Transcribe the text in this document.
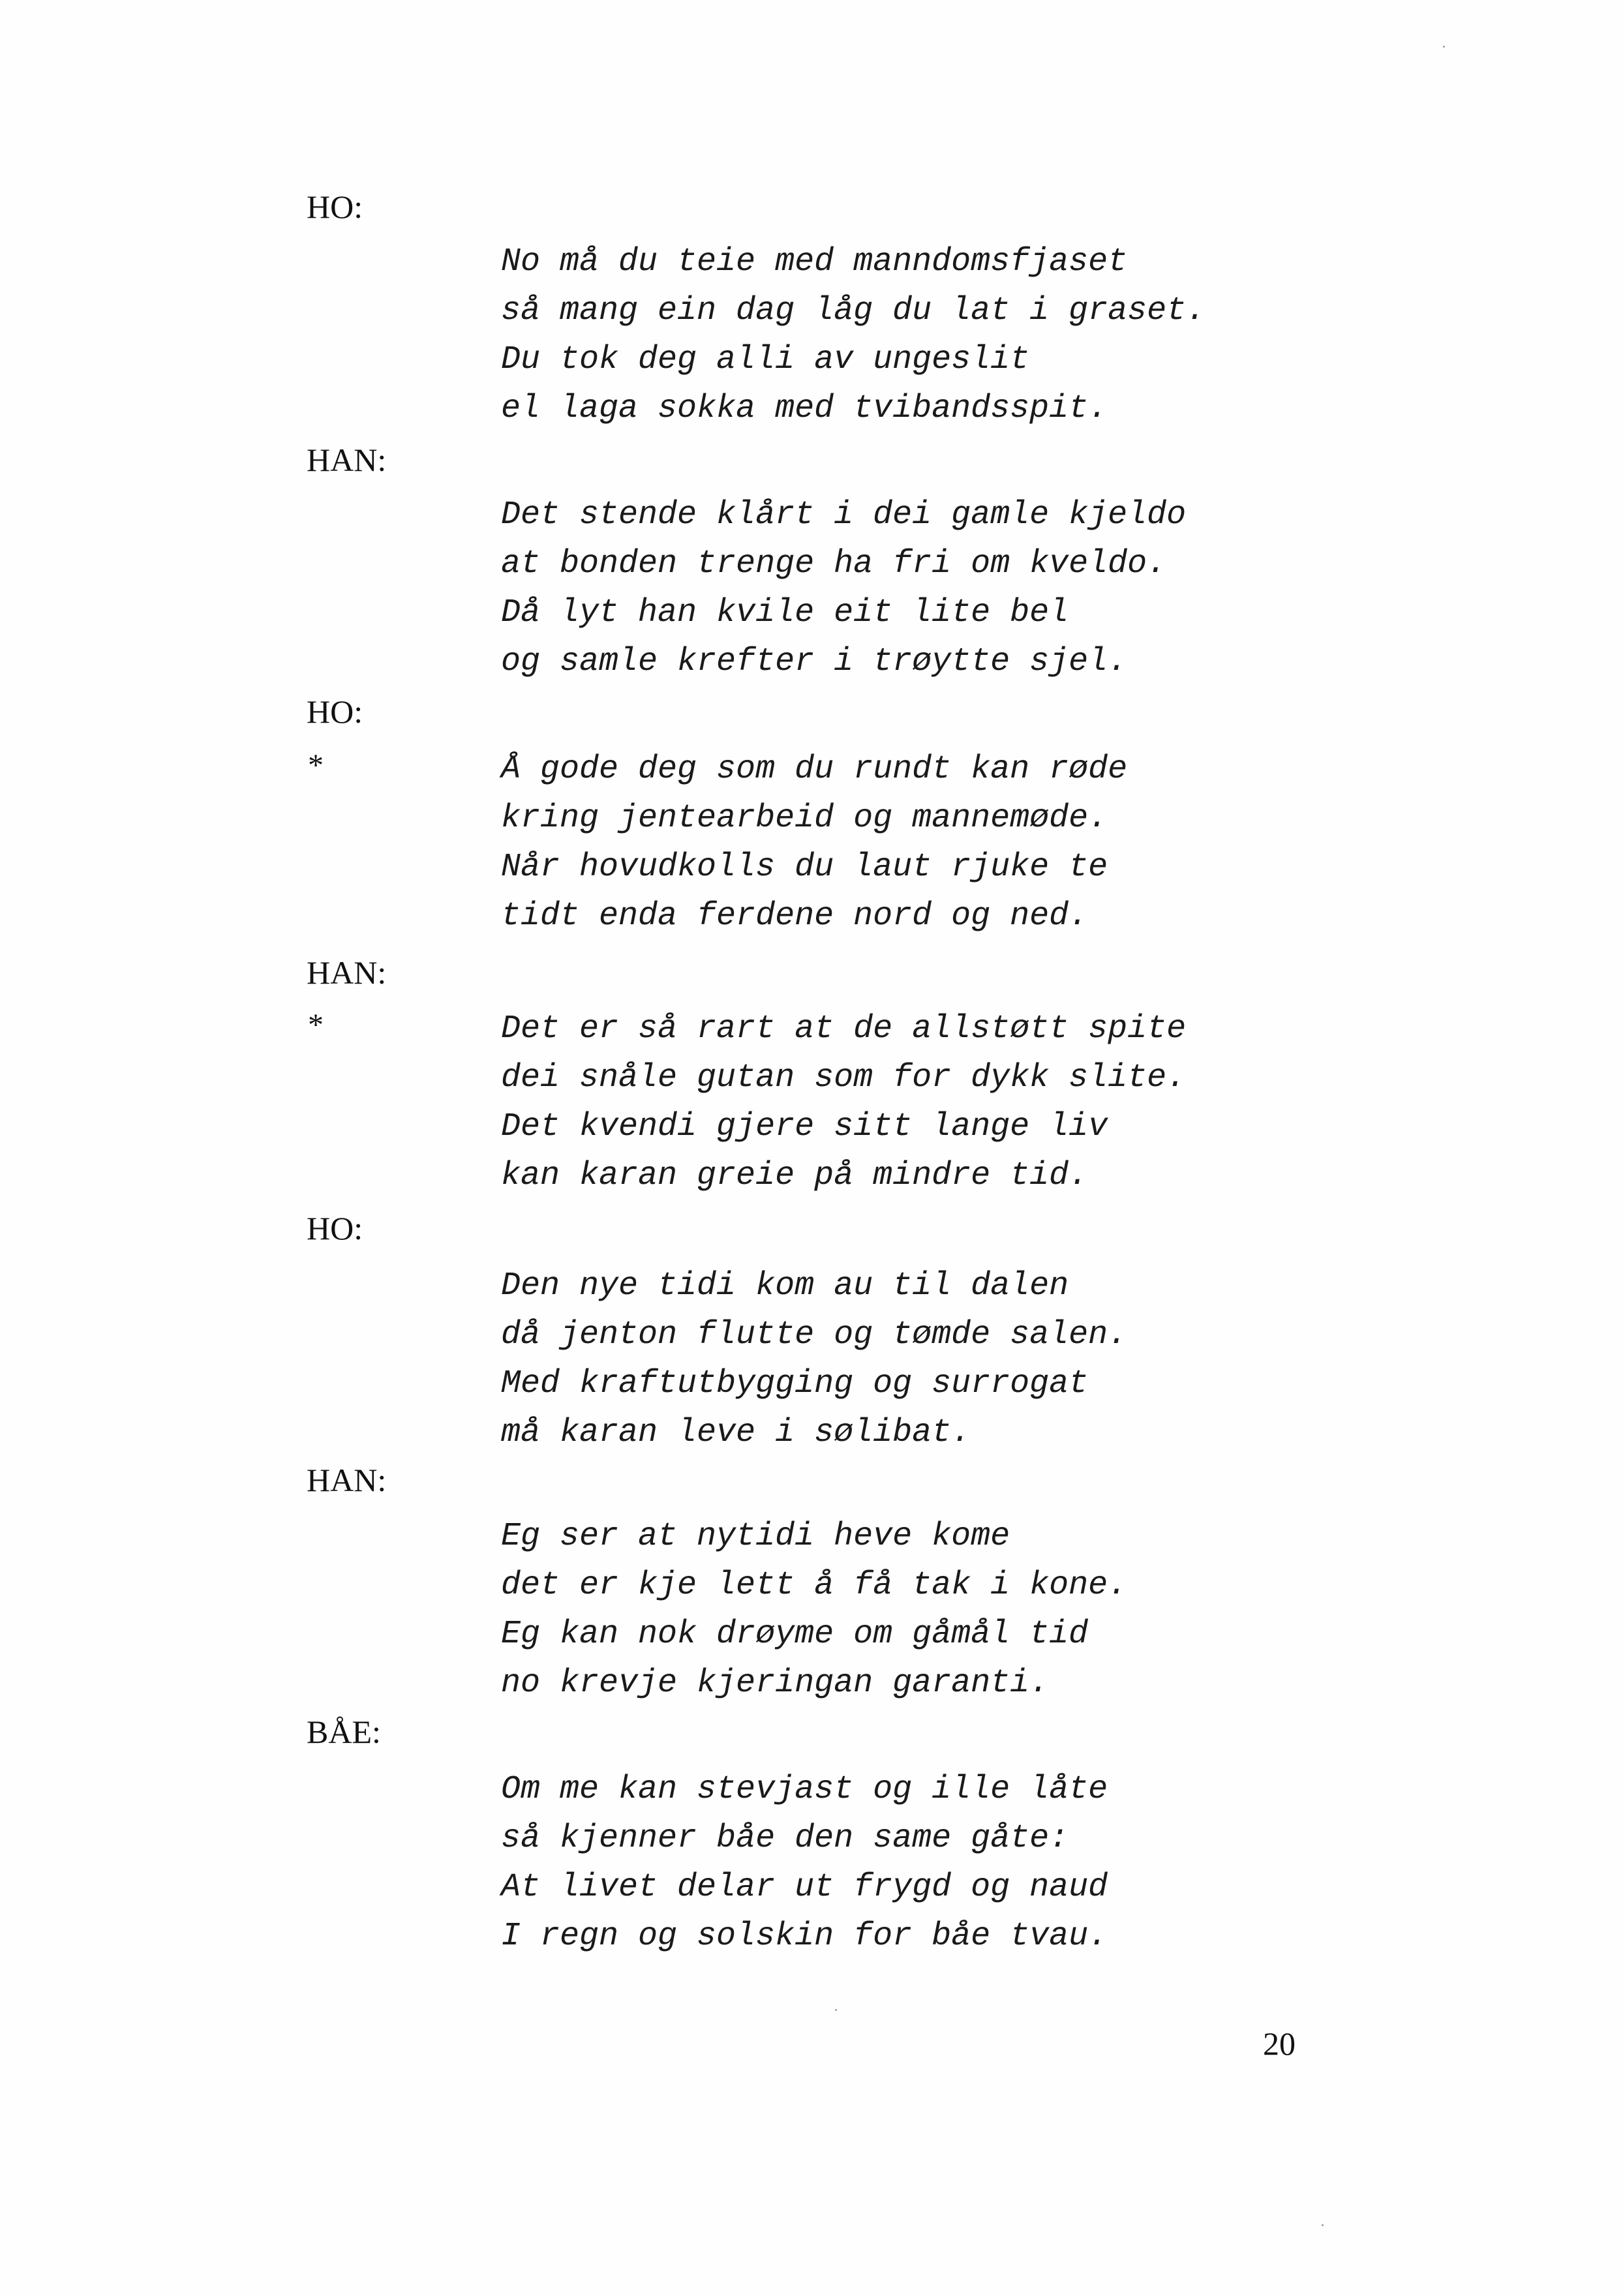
HO:
No må du teie med manndomsfjaset
så mang ein dag låg du lat i graset.
Du tok deg alli av ungeslit
el laga sokka med tvibandsspit.
HAN:
Det stende klårt i dei gamle kjeldo
at bonden trenge ha fri om kveldo.
Då lyt han kvile eit lite bel
og samle krefter i trøytte sjel.
HO:
*	Å gode deg som du rundt kan røde
kring jentearbeid og mannemøde.
Når hovudkolls du laut rjuke te
tidt enda ferdene nord og ned.
HAN:
*	Det er så rart at de allstøtt spite
dei snåle gutan som for dykk slite.
Det kvendi gjere sitt lange liv
kan karan greie på mindre tid.
HO:
Den nye tidi kom au til dalen
då jenton flutte og tømde salen.
Med kraftutbygging og surrogat
må karan leve i sølibat.
HAN:
Eg ser at nytidi heve kome
det er kje lett å få tak i kone.
Eg kan nok drøyme om gåmål tid
no krevje kjeringan garanti.
BÅE:
Om me kan stevjast og ille låte
så kjenner båe den same gåte:
At livet delar ut frygd og naud
I regn og solskin for båe tvau.
20
